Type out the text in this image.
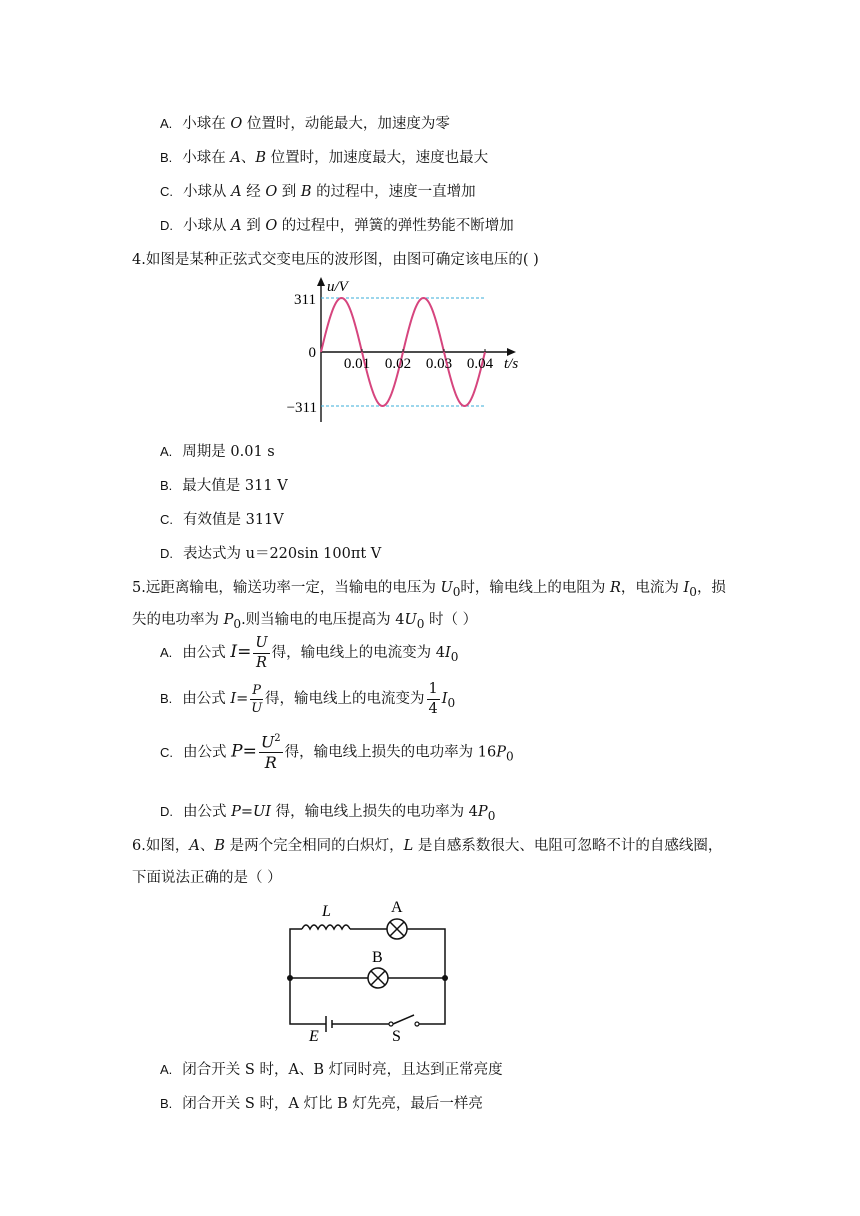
A. 小球在 O 位置时，动能最大，加速度为零
B. 小球在 A、B 位置时，加速度最大，速度也最大
C. 小球从 A 经 O 到 B 的过程中，速度一直增加
D. 小球从 A 到 O 的过程中，弹簧的弹性势能不断增加
4.如图是某种正弦式交变电压的波形图，由图可确定该电压的( )
0.01 0.02 0.03 0.04
311
0
−311
u/V
t/s
A. 周期是 0.01 s
B. 最大值是 311 V
C. 有效值是 311V
D. 表达式为 u＝220sin 100πt V
5.远距离输电，输送功率一定，当输电的电压为 $U_0$时，输电线上的电阻为 R，电流为 $I_0$，损
失的电功率为 $P_0$.则当输电的电压提高为 $4U_0$ 时（ ）
A. 由公式 $I= \frac{U}{R}$ 得，输电线上的电流变为 $4I_0$
B. 由公式 $I= \frac{P}{U}$ 得，输电线上的电流变为 $\frac{1}{4} I_0$
C. 由公式 $P= \frac{U^2}{R}$ 得，输电线上损失的电功率为 $16P_0$
D. 由公式 P=UI 得，输电线上损失的电功率为 $4P_0$
6.如图，A、B 是两个完全相同的白炽灯，L 是自感系数很大、电阻可忽略不计的自感线圈，
下面说法正确的是（ ）
L	A
B
E	S
A. 闭合开关 S 时，A、B 灯同时亮，且达到正常亮度
B. 闭合开关 S 时，A 灯比 B 灯先亮，最后一样亮
